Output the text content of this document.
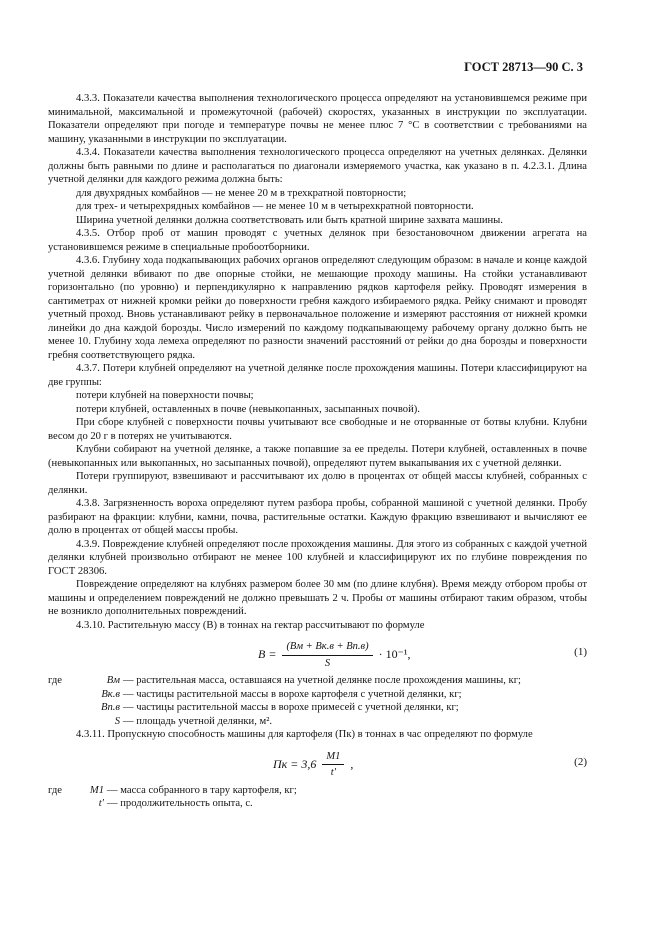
ГОСТ 28713—90 С. 3

4.3.3. Показатели качества выполнения технологического процесса определяют на установившемся режиме при минимальной, максимальной и промежуточной (рабочей) скоростях, указанных в инструкции по эксплуатации. Показатели определяют при погоде и температуре почвы не менее плюс 7 °С в соответствии с требованиями на машину, указанными в инструкции по эксплуатации.

4.3.4. Показатели качества выполнения технологического процесса определяют на учетных делянках. Делянки должны быть равными по длине и располагаться по диагонали измеряемого участка, как указано в п. 4.2.3.1. Длина учетной делянки для каждого режима должна быть:

для двухрядных комбайнов — не менее 20 м в трехкратной повторности;

для трех- и четырехрядных комбайнов — не менее 10 м в четырехкратной повторности.

Ширина учетной делянки должна соответствовать или быть кратной ширине захвата машины.

4.3.5. Отбор проб от машин проводят с учетных делянок при безостановочном движении агрегата на установившемся режиме в специальные пробоотборники.

4.3.6. Глубину хода подкапывающих рабочих органов определяют следующим образом: в начале и конце каждой учетной делянки вбивают по две опорные стойки, не мешающие проходу машины. На стойки устанавливают горизонтально (по уровню) и перпендикулярно к направлению рядков картофеля рейку. Проводят измерения в сантиметрах от нижней кромки рейки до поверхности гребня каждого избираемого рядка. Рейку снимают и проводят учетный проход. Вновь устанавливают рейку в первоначальное положение и измеряют расстояния от нижней кромки линейки до дна каждой борозды. Число измерений по каждому подкапывающему рабочему органу должно быть не менее 10. Глубину хода лемеха определяют по разности значений расстояний от рейки до дна борозды и поверхности гребня соответствующего рядка.

4.3.7. Потери клубней определяют на учетной делянке после прохождения машины. Потери классифицируют на две группы:

потери клубней на поверхности почвы;

потери клубней, оставленных в почве (невыкопанных, засыпанных почвой).

При сборе клубней с поверхности почвы учитывают все свободные и не оторванные от ботвы клубни. Клубни весом до 20 г в потерях не учитываются.

Клубни собирают на учетной делянке, а также попавшие за ее пределы. Потери клубней, оставленных в почве (невыкопанных или выкопанных, но засыпанных почвой), определяют путем выкапывания их с учетной делянки.

Потери группируют, взвешивают и рассчитывают их долю в процентах от общей массы клубней, собранных с делянки.

4.3.8. Загрязненность вороха определяют путем разбора пробы, собранной машиной с учетной делянки. Пробу разбирают на фракции: клубни, камни, почва, растительные остатки. Каждую фракцию взвешивают и вычисляют ее долю в процентах от общей массы пробы.

4.3.9. Повреждение клубней определяют после прохождения машины. Для этого из собранных с каждой учетной делянки клубней произвольно отбирают не менее 100 клубней и классифицируют их по глубине повреждения по ГОСТ 28306.

Повреждение определяют на клубнях размером более 30 мм (по длине клубня). Время между отбором пробы от машины и определением повреждений не должно превышать 2 ч. Пробы от машины отбирают таким образом, чтобы не возникло дополнительных повреждений.

4.3.10. Растительную массу (В) в тоннах на гектар рассчитывают по формуле

$B = \frac{(Bм + Bк.в + Bп.в)}{S} \cdot 10^{-1}$,	(1)
где	Bм — растительная масса, оставшаяся на учетной делянке после прохождения машины, кг;
Bк.в — частицы растительной массы в ворохе картофеля с учетной делянки, кг;
Bп.в — частицы растительной массы в ворохе примесей с учетной делянки, кг;
S — площадь учетной делянки, м².

4.3.11. Пропускную способность машины для картофеля (Пк) в тоннах в час определяют по формуле

Пк = $3,6 \frac{M1}{t'}$ ,	(2)
где	M1 — масса собранного в тару картофеля, кг;
t′ — продолжительность опыта, с.
